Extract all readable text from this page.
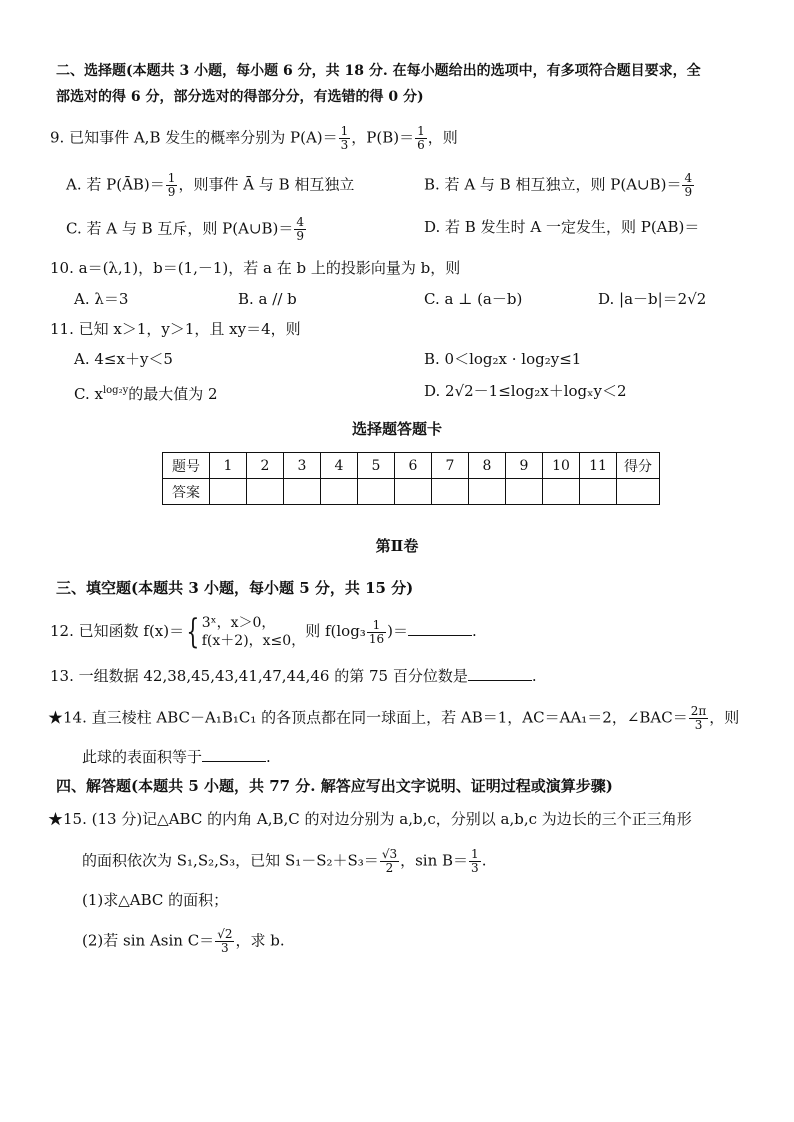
二、选择题(本题共 3 小题，每小题 6 分，共 18 分. 在每小题给出的选项中，有多项符合题目要求，全
部选对的得 6 分，部分选对的得部分分，有选错的得 0 分)
9. 已知事件 A,B 发生的概率分别为 $P(A)= \frac{1}{3}$ ，$P(B)= \frac{1}{6}$ ，则
A. 若 P(ĀB)＝ $\frac{1}{9}$ ，则事件 Ā 与 B 相互独立	B. 若 A 与 B 相互独立，则 P(A∪B)＝ $\frac{4}{9}$
C. 若 A 与 B 互斥，则 P(A∪B)＝ $\frac{4}{9}$	D. 若 B 发生时 A 一定发生，则 P(AB)＝
10. a＝(λ,1)，b＝(1,－1)，若 a 在 b 上的投影向量为 b，则
A. λ＝3	B. a // b	C. a ⊥ (a－b)	D. |a－b|＝2√2
11. 已知 x＞1，y＞1，且 xy＝4，则
A. 4≤x＋y＜5	B. 0＜log₂x · log₂y≤1
C. $x^{log_2y}$的最大值为 2	D. 2√2－1≤log₂x＋logₓy＜2
选择题答题卡
题号	1	2	3	4	5	6	7	8	9	10	11	得分
答案												
第Ⅱ卷
三、填空题(本题共 3 小题，每小题 5 分，共 15 分)
12. 已知函数 f(x)＝{ 3ˣ，x＞0，
f(x＋2)，x≤0，
则 $f(\log_3 \frac{1}{16}$ )＝	.
13. 一组数据 42,38,45,43,41,47,44,46 的第 75 百分位数是	.
★14. 直三棱柱 ABC－A₁B₁C₁ 的各顶点都在同一球面上，若 AB＝1，AC＝AA₁＝2，∠BAC＝ $\frac{2\pi}{3}$ ，则
此球的表面积等于	.
四、解答题(本题共 5 小题，共 77 分. 解答应写出文字说明、证明过程或演算步骤)
★15. (13 分)记△ABC 的内角 A,B,C 的对边分别为 a,b,c，分别以 a,b,c 为边长的三个正三角形
的面积依次为 S₁,S₂,S₃，已知 $S_1-S_2+S_3= \frac{√3}{2}$ ，$\sin B= \frac{1}{3}$ .
(1)求△ABC 的面积；
(2)若 sin Asin $C= \frac{√2}{3}$ ，求 b.
